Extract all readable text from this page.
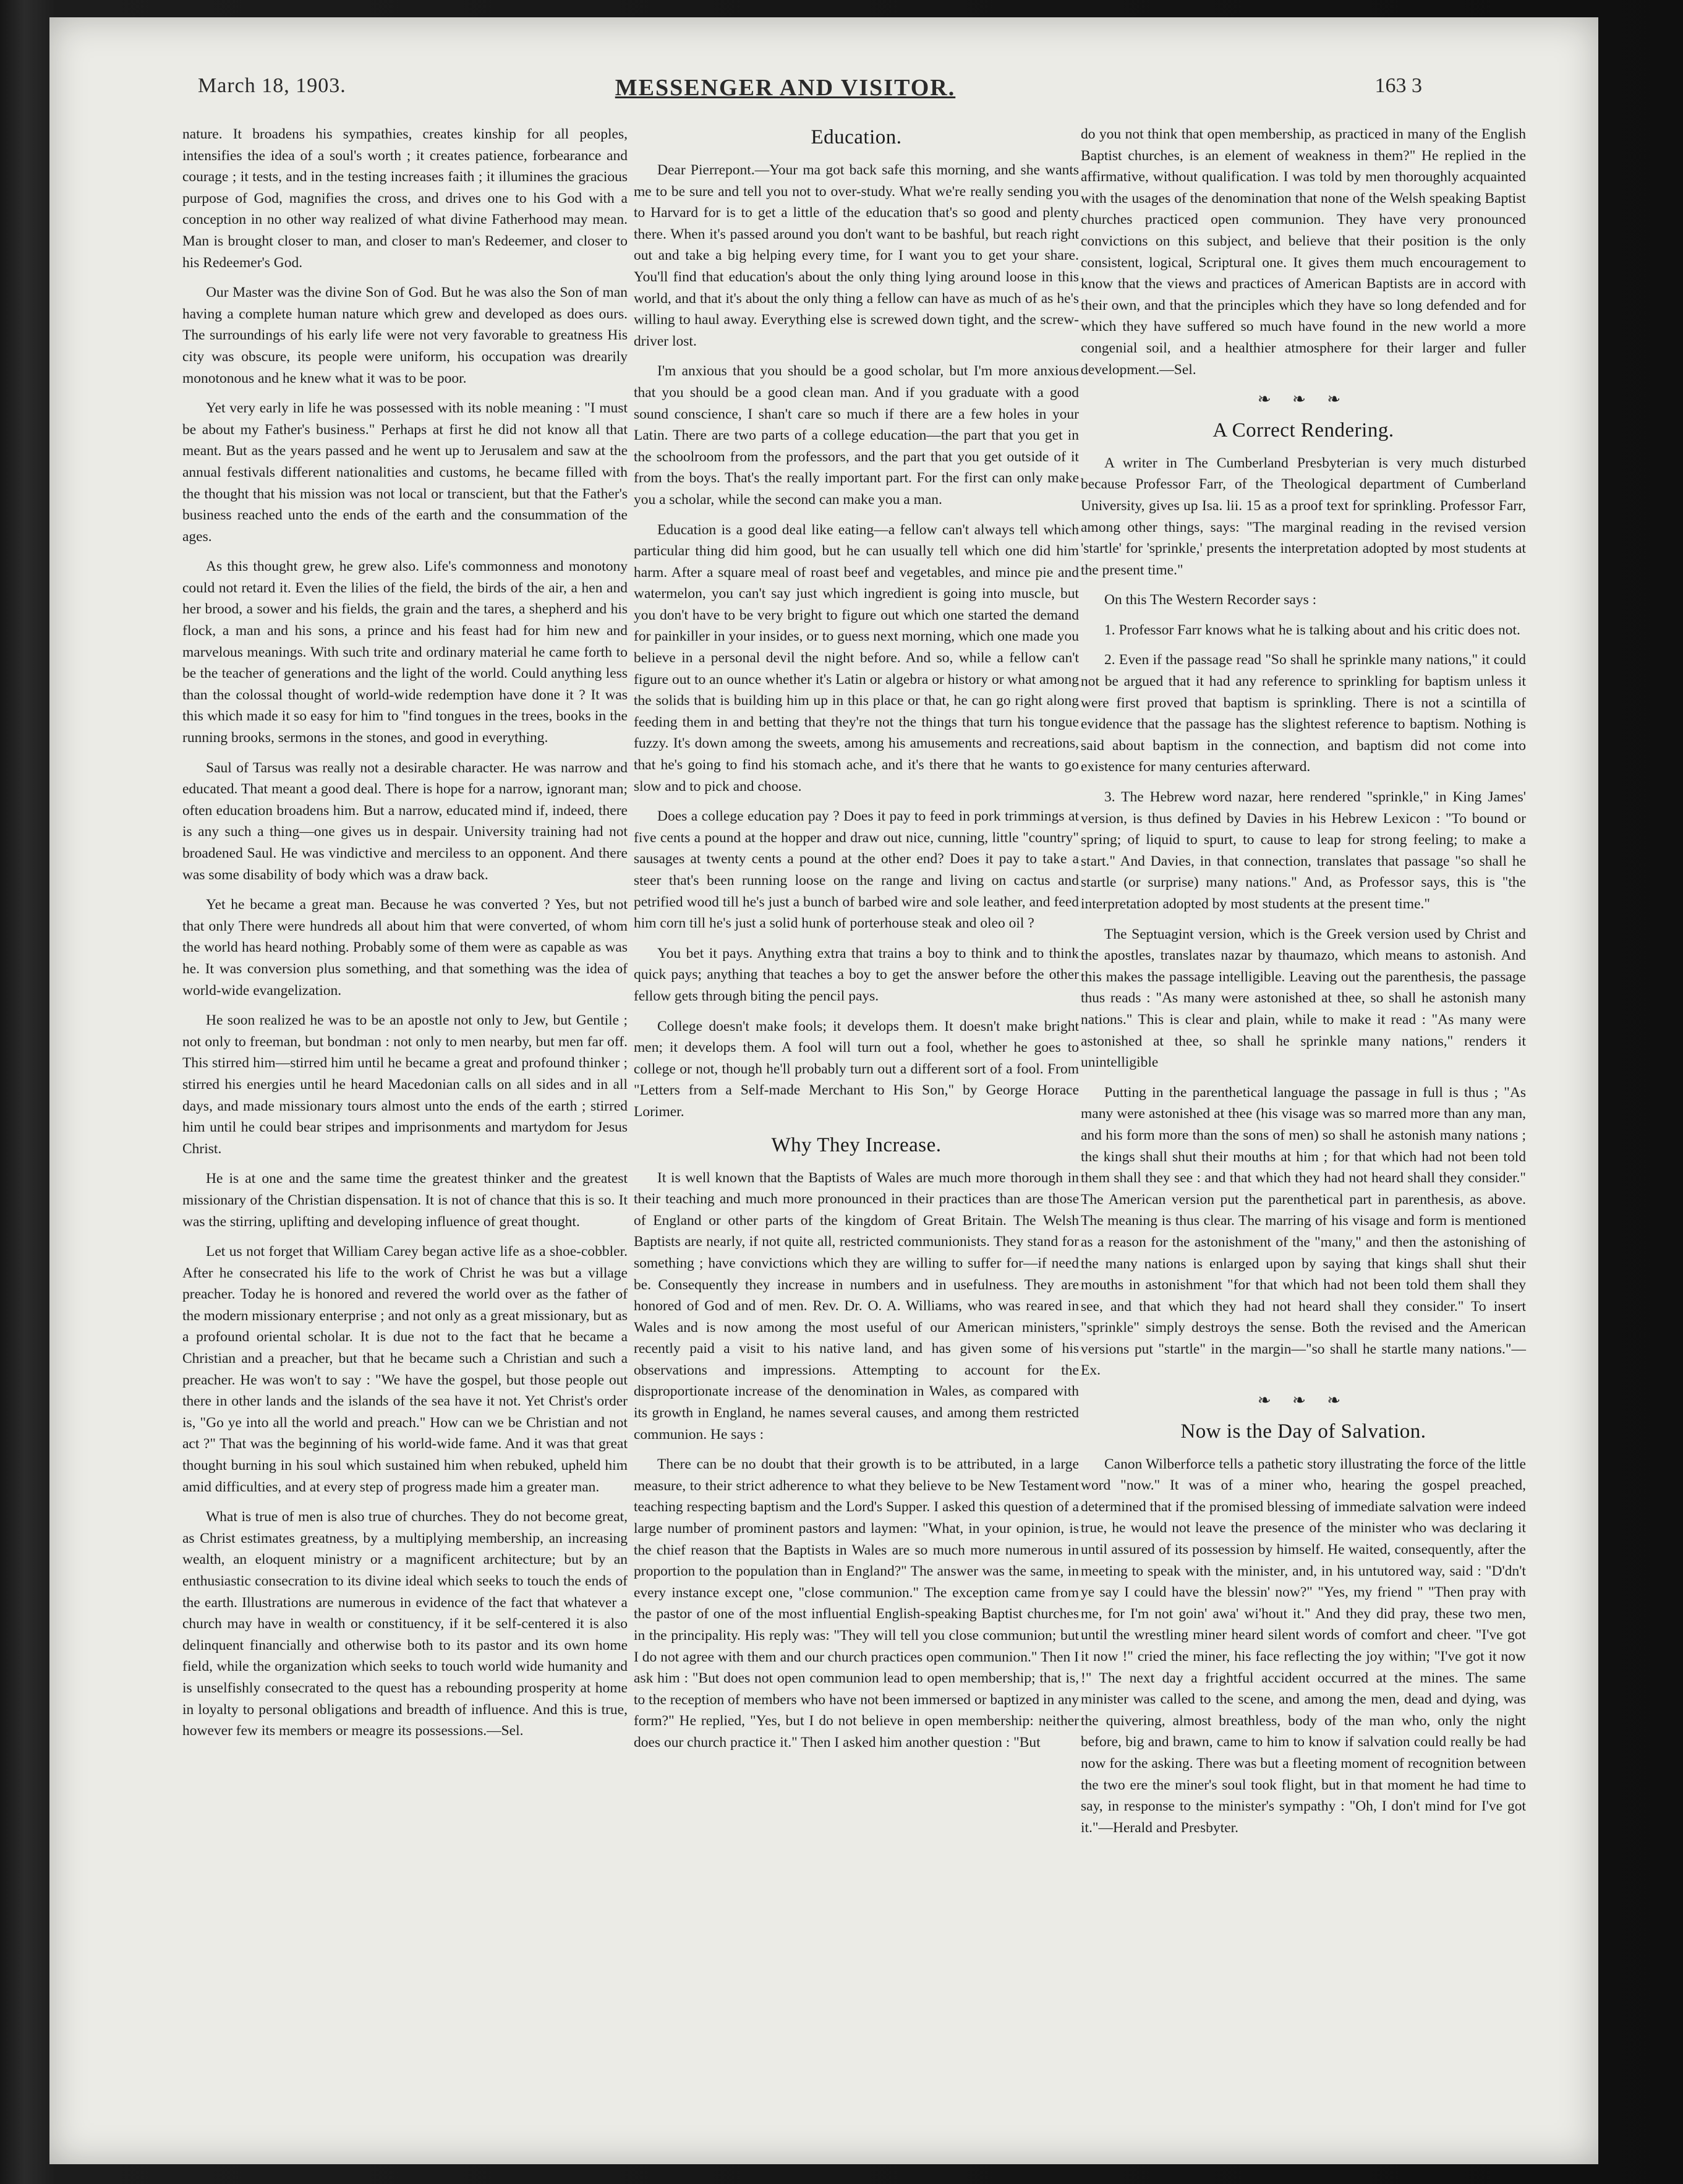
March 18, 1903.	MESSENGER AND VISITOR.	163 3

nature. It broadens his sympathies, creates kinship for all peoples, intensifies the idea of a soul's worth ; it creates patience, forbearance and courage ; it tests, and in the testing increases faith ; it illumines the gracious purpose of God, magnifies the cross, and drives one to his God with a conception in no other way realized of what divine Fatherhood may mean. Man is brought closer to man, and closer to man's Redeemer, and closer to his Redeemer's God.

Our Master was the divine Son of God. But he was also the Son of man having a complete human nature which grew and developed as does ours. The surroundings of his early life were not very favorable to greatness His city was obscure, its people were uniform, his occupation was drearily monotonous and he knew what it was to be poor.

Yet very early in life he was possessed with its noble meaning : "I must be about my Father's business." Perhaps at first he did not know all that meant. But as the years passed and he went up to Jerusalem and saw at the annual festivals different nationalities and customs, he became filled with the thought that his mission was not local or transcient, but that the Father's business reached unto the ends of the earth and the consummation of the ages.

As this thought grew, he grew also. Life's commonness and monotony could not retard it. Even the lilies of the field, the birds of the air, a hen and her brood, a sower and his fields, the grain and the tares, a shepherd and his flock, a man and his sons, a prince and his feast had for him new and marvelous meanings. With such trite and ordinary material he came forth to be the teacher of generations and the light of the world. Could anything less than the colossal thought of world-wide redemption have done it ? It was this which made it so easy for him to "find tongues in the trees, books in the running brooks, sermons in the stones, and good in everything.

Saul of Tarsus was really not a desirable character. He was narrow and educated. That meant a good deal. There is hope for a narrow, ignorant man; often education broadens him. But a narrow, educated mind if, indeed, there is any such a thing—one gives us in despair. University training had not broadened Saul. He was vindictive and merciless to an opponent. And there was some disability of body which was a draw back.

Yet he became a great man. Because he was converted ? Yes, but not that only There were hundreds all about him that were converted, of whom the world has heard nothing. Probably some of them were as capable as was he. It was conversion plus something, and that something was the idea of world-wide evangelization.

He soon realized he was to be an apostle not only to Jew, but Gentile ; not only to freeman, but bondman : not only to men nearby, but men far off. This stirred him—stirred him until he became a great and profound thinker ; stirred his energies until he heard Macedonian calls on all sides and in all days, and made missionary tours almost unto the ends of the earth ; stirred him until he could bear stripes and imprisonments and martydom for Jesus Christ.

He is at one and the same time the greatest thinker and the greatest missionary of the Christian dispensation. It is not of chance that this is so. It was the stirring, uplifting and developing influence of great thought.

Let us not forget that William Carey began active life as a shoe-cobbler. After he consecrated his life to the work of Christ he was but a village preacher. Today he is honored and revered the world over as the father of the modern missionary enterprise ; and not only as a great missionary, but as a profound oriental scholar. It is due not to the fact that he became a Christian and a preacher, but that he became such a Christian and such a preacher. He was won't to say : "We have the gospel, but those people out there in other lands and the islands of the sea have it not. Yet Christ's order is, "Go ye into all the world and preach." How can we be Christian and not act ?" That was the beginning of his world-wide fame. And it was that great thought burning in his soul which sustained him when rebuked, upheld him amid difficulties, and at every step of progress made him a greater man.

What is true of men is also true of churches. They do not become great, as Christ estimates greatness, by a multiplying membership, an increasing wealth, an eloquent ministry or a magnificent architecture; but by an enthusiastic consecration to its divine ideal which seeks to touch the ends of the earth. Illustrations are numerous in evidence of the fact that whatever a church may have in wealth or constituency, if it be self-centered it is also delinquent financially and otherwise both to its pastor and its own home field, while the organization which seeks to touch world wide humanity and is unselfishly consecrated to the quest has a rebounding prosperity at home in loyalty to personal obligations and breadth of influence. And this is true, however few its members or meagre its possessions.—Sel.

Education.

Dear Pierrepont.—Your ma got back safe this morning, and she wants me to be sure and tell you not to over-study. What we're really sending you to Harvard for is to get a little of the education that's so good and plenty there. When it's passed around you don't want to be bashful, but reach right out and take a big helping every time, for I want you to get your share. You'll find that education's about the only thing lying around loose in this world, and that it's about the only thing a fellow can have as much of as he's willing to haul away. Everything else is screwed down tight, and the screw-driver lost.

I'm anxious that you should be a good scholar, but I'm more anxious that you should be a good clean man. And if you graduate with a good sound conscience, I shan't care so much if there are a few holes in your Latin. There are two parts of a college education—the part that you get in the schoolroom from the professors, and the part that you get outside of it from the boys. That's the really important part. For the first can only make you a scholar, while the second can make you a man.

Education is a good deal like eating—a fellow can't always tell which particular thing did him good, but he can usually tell which one did him harm. After a square meal of roast beef and vegetables, and mince pie and watermelon, you can't say just which ingredient is going into muscle, but you don't have to be very bright to figure out which one started the demand for painkiller in your insides, or to guess next morning, which one made you believe in a personal devil the night before. And so, while a fellow can't figure out to an ounce whether it's Latin or algebra or history or what among the solids that is building him up in this place or that, he can go right along feeding them in and betting that they're not the things that turn his tongue fuzzy. It's down among the sweets, among his amusements and recreations, that he's going to find his stomach ache, and it's there that he wants to go slow and to pick and choose.

Does a college education pay ? Does it pay to feed in pork trimmings at five cents a pound at the hopper and draw out nice, cunning, little "country" sausages at twenty cents a pound at the other end? Does it pay to take a steer that's been running loose on the range and living on cactus and petrified wood till he's just a bunch of barbed wire and sole leather, and feed him corn till he's just a solid hunk of porterhouse steak and oleo oil ?

You bet it pays. Anything extra that trains a boy to think and to think quick pays; anything that teaches a boy to get the answer before the other fellow gets through biting the pencil pays.

College doesn't make fools; it develops them. It doesn't make bright men; it develops them. A fool will turn out a fool, whether he goes to college or not, though he'll probably turn out a different sort of a fool. From "Letters from a Self-made Merchant to His Son," by George Horace Lorimer.

Why They Increase.

It is well known that the Baptists of Wales are much more thorough in their teaching and much more pronounced in their practices than are those of England or other parts of the kingdom of Great Britain. The Welsh Baptists are nearly, if not quite all, restricted communionists. They stand for something ; have convictions which they are willing to suffer for—if need be. Consequently they increase in numbers and in usefulness. They are honored of God and of men. Rev. Dr. O. A. Williams, who was reared in Wales and is now among the most useful of our American ministers, recently paid a visit to his native land, and has given some of his observations and impressions. Attempting to account for the disproportionate increase of the denomination in Wales, as compared with its growth in England, he names several causes, and among them restricted communion. He says :

There can be no doubt that their growth is to be attributed, in a large measure, to their strict adherence to what they believe to be New Testament teaching respecting baptism and the Lord's Supper. I asked this question of a large number of prominent pastors and laymen: "What, in your opinion, is the chief reason that the Baptists in Wales are so much more numerous in proportion to the population than in England?" The answer was the same, in every instance except one, "close communion." The exception came from the pastor of one of the most influential English-speaking Baptist churches in the principality. His reply was: "They will tell you close communion; but I do not agree with them and our church practices open communion." Then I ask him : "But does not open communion lead to open membership; that is, to the reception of members who have not been immersed or baptized in any form?" He replied, "Yes, but I do not believe in open membership: neither does our church practice it." Then I asked him another question : "But

do you not think that open membership, as practiced in many of the English Baptist churches, is an element of weakness in them?" He replied in the affirmative, without qualification. I was told by men thoroughly acquainted with the usages of the denomination that none of the Welsh speaking Baptist churches practiced open communion. They have very pronounced convictions on this subject, and believe that their position is the only consistent, logical, Scriptural one. It gives them much encouragement to know that the views and practices of American Baptists are in accord with their own, and that the principles which they have so long defended and for which they have suffered so much have found in the new world a more congenial soil, and a healthier atmosphere for their larger and fuller development.—Sel.

❧ ❧ ❧
A Correct Rendering.

A writer in The Cumberland Presbyterian is very much disturbed because Professor Farr, of the Theological department of Cumberland University, gives up Isa. lii. 15 as a proof text for sprinkling. Professor Farr, among other things, says: "The marginal reading in the revised version 'startle' for 'sprinkle,' presents the interpretation adopted by most students at the present time."

On this The Western Recorder says :

1. Professor Farr knows what he is talking about and his critic does not.

2. Even if the passage read "So shall he sprinkle many nations," it could not be argued that it had any reference to sprinkling for baptism unless it were first proved that baptism is sprinkling. There is not a scintilla of evidence that the passage has the slightest reference to baptism. Nothing is said about baptism in the connection, and baptism did not come into existence for many centuries afterward.

3. The Hebrew word nazar, here rendered "sprinkle," in King James' version, is thus defined by Davies in his Hebrew Lexicon : "To bound or spring; of liquid to spurt, to cause to leap for strong feeling; to make a start." And Davies, in that connection, translates that passage "so shall he startle (or surprise) many nations." And, as Professor says, this is "the interpretation adopted by most students at the present time."

The Septuagint version, which is the Greek version used by Christ and the apostles, translates nazar by thaumazo, which means to astonish. And this makes the passage intelligible. Leaving out the parenthesis, the passage thus reads : "As many were astonished at thee, so shall he astonish many nations." This is clear and plain, while to make it read : "As many were astonished at thee, so shall he sprinkle many nations," renders it unintelligible

Putting in the parenthetical language the passage in full is thus ; "As many were astonished at thee (his visage was so marred more than any man, and his form more than the sons of men) so shall he astonish many nations ; the kings shall shut their mouths at him ; for that which had not been told them shall they see : and that which they had not heard shall they consider." The American version put the parenthetical part in parenthesis, as above. The meaning is thus clear. The marring of his visage and form is mentioned as a reason for the astonishment of the "many," and then the astonishing of the many nations is enlarged upon by saying that kings shall shut their mouths in astonishment "for that which had not been told them shall they see, and that which they had not heard shall they consider." To insert "sprinkle" simply destroys the sense. Both the revised and the American versions put "startle" in the margin—"so shall he startle many nations."—Ex.

❧ ❧ ❧
Now is the Day of Salvation.

Canon Wilberforce tells a pathetic story illustrating the force of the little word "now." It was of a miner who, hearing the gospel preached, determined that if the promised blessing of immediate salvation were indeed true, he would not leave the presence of the minister who was declaring it until assured of its possession by himself. He waited, consequently, after the meeting to speak with the minister, and, in his untutored way, said : "D'dn't ye say I could have the blessin' now?" "Yes, my friend " "Then pray with me, for I'm not goin' awa' wi'hout it." And they did pray, these two men, until the wrestling miner heard silent words of comfort and cheer. "I've got it now !" cried the miner, his face reflecting the joy within; "I've got it now !" The next day a frightful accident occurred at the mines. The same minister was called to the scene, and among the men, dead and dying, was the quivering, almost breathless, body of the man who, only the night before, big and brawn, came to him to know if salvation could really be had now for the asking. There was but a fleeting moment of recognition between the two ere the miner's soul took flight, but in that moment he had time to say, in response to the minister's sympathy : "Oh, I don't mind for I've got it."—Herald and Presbyter.
